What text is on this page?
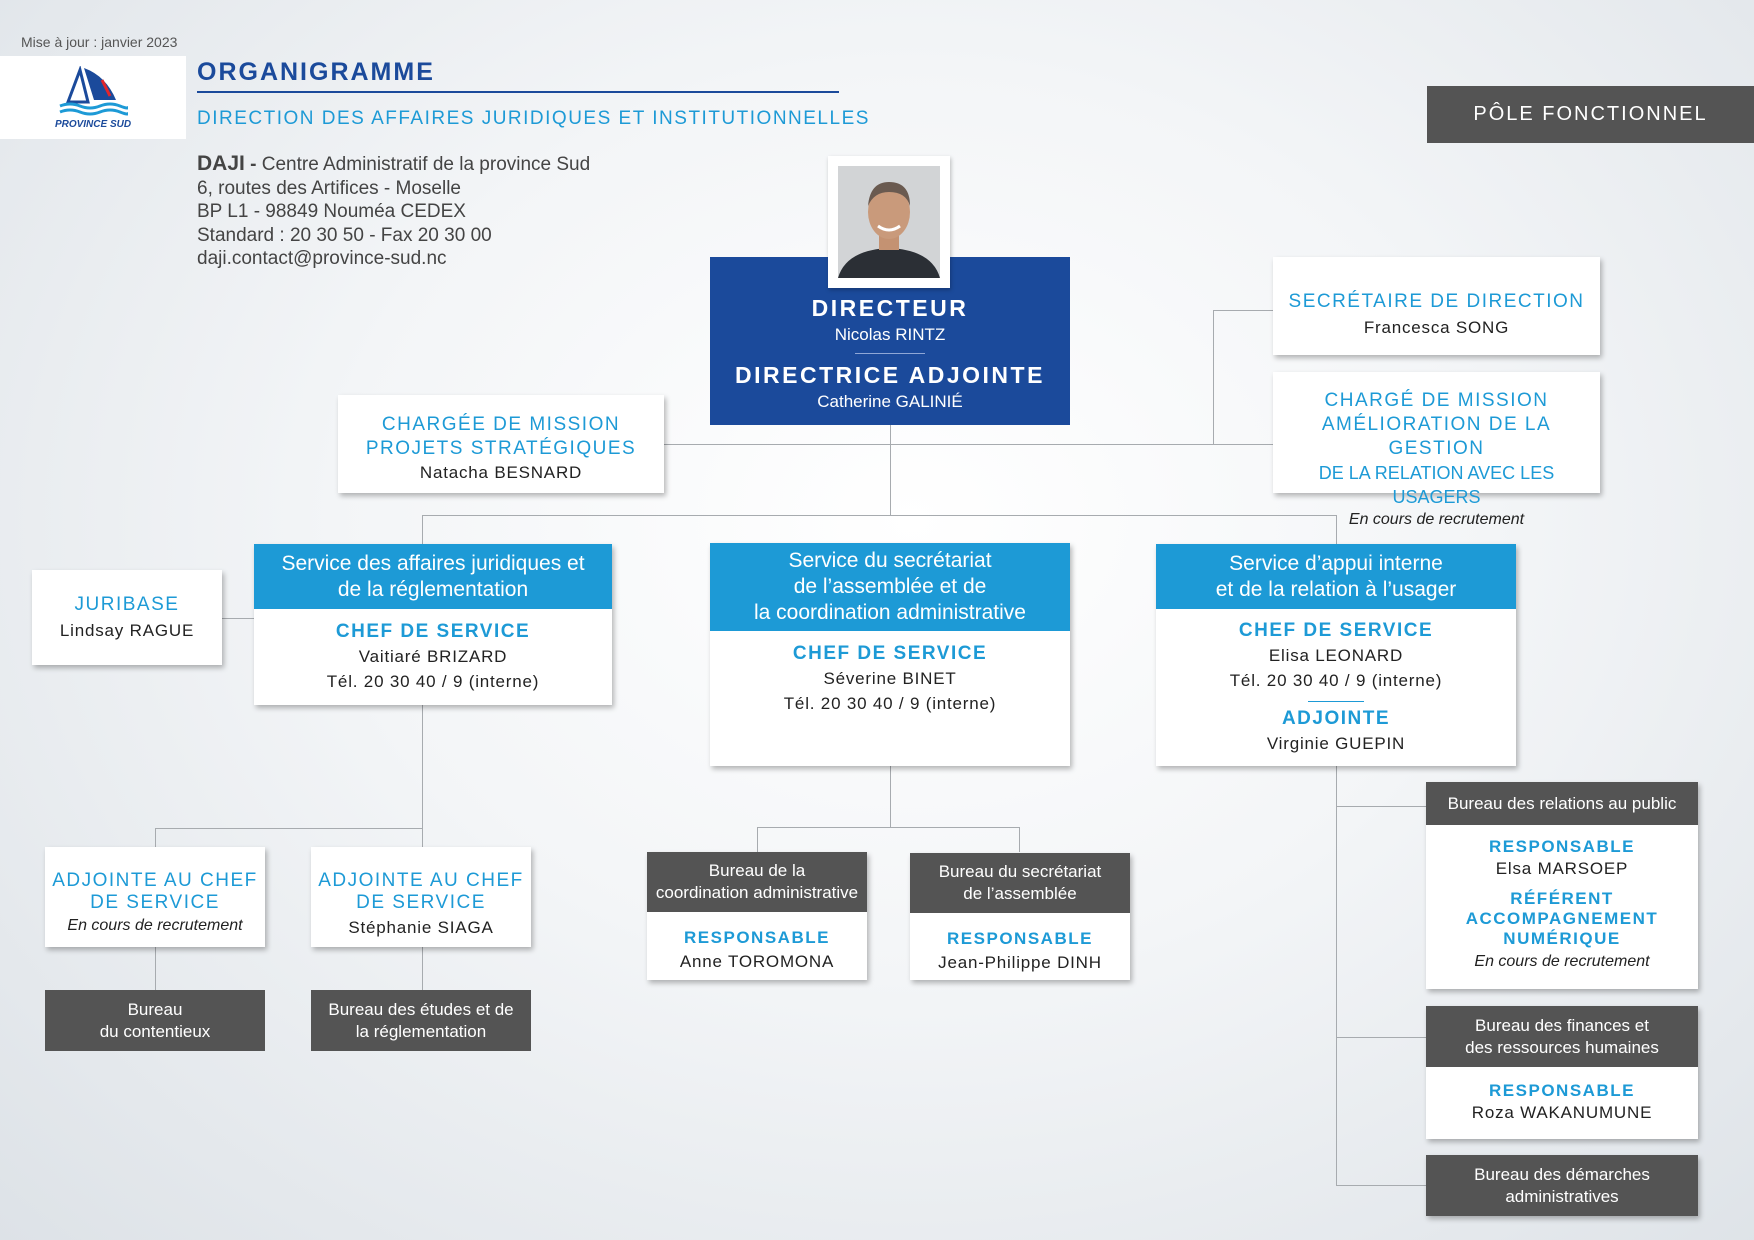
Mise à jour : janvier 2023
PROVINCE SUD
ORGANIGRAMME
DIRECTION DES AFFAIRES JURIDIQUES ET INSTITUTIONNELLES
DAJI - Centre Administratif de la province Sud
6, routes des Artifices - Moselle
BP L1 - 98849 Nouméa CEDEX
Standard : 20 30 50 - Fax 20 30 00
daji.contact@province-sud.nc
PÔLE FONCTIONNEL
DIRECTEUR
Nicolas RINTZ
DIRECTRICE ADJOINTE
Catherine GALINIÉ
SECRÉTAIRE DE DIRECTION
Francesca SONG
CHARGÉ DE MISSION
AMÉLIORATION DE LA GESTION
DE LA RELATION AVEC LES USAGERS
En cours de recrutement
CHARGÉE DE MISSION
PROJETS STRATÉGIQUES
Natacha BESNARD
JURIBASE
Lindsay RAGUE
Service des affaires juridiques et
de la réglementation
CHEF DE SERVICE
Vaitiaré BRIZARD
Tél. 20 30 40 / 9 (interne)
Service du secrétariat
de l’assemblée et de
la coordination administrative
CHEF DE SERVICE
Séverine BINET
Tél. 20 30 40 / 9 (interne)
Service d’appui interne
et de la relation à l’usager
CHEF DE SERVICE
Elisa LEONARD
Tél. 20 30 40 / 9 (interne)
ADJOINTE
Virginie GUEPIN
ADJOINTE AU CHEF
DE SERVICE
En cours de recrutement
ADJOINTE AU CHEF
DE SERVICE
Stéphanie SIAGA
Bureau
du contentieux
Bureau des études et de
la réglementation
Bureau de la
coordination administrative
RESPONSABLE
Anne TOROMONA
Bureau du secrétariat
de l’assemblée
RESPONSABLE
Jean-Philippe DINH
Bureau des relations au public
RESPONSABLE
Elsa MARSOEP
RÉFÉRENT
ACCOMPAGNEMENT
NUMÉRIQUE
En cours de recrutement
Bureau des finances et
des ressources humaines
RESPONSABLE
Roza WAKANUMUNE
Bureau des démarches
administratives
